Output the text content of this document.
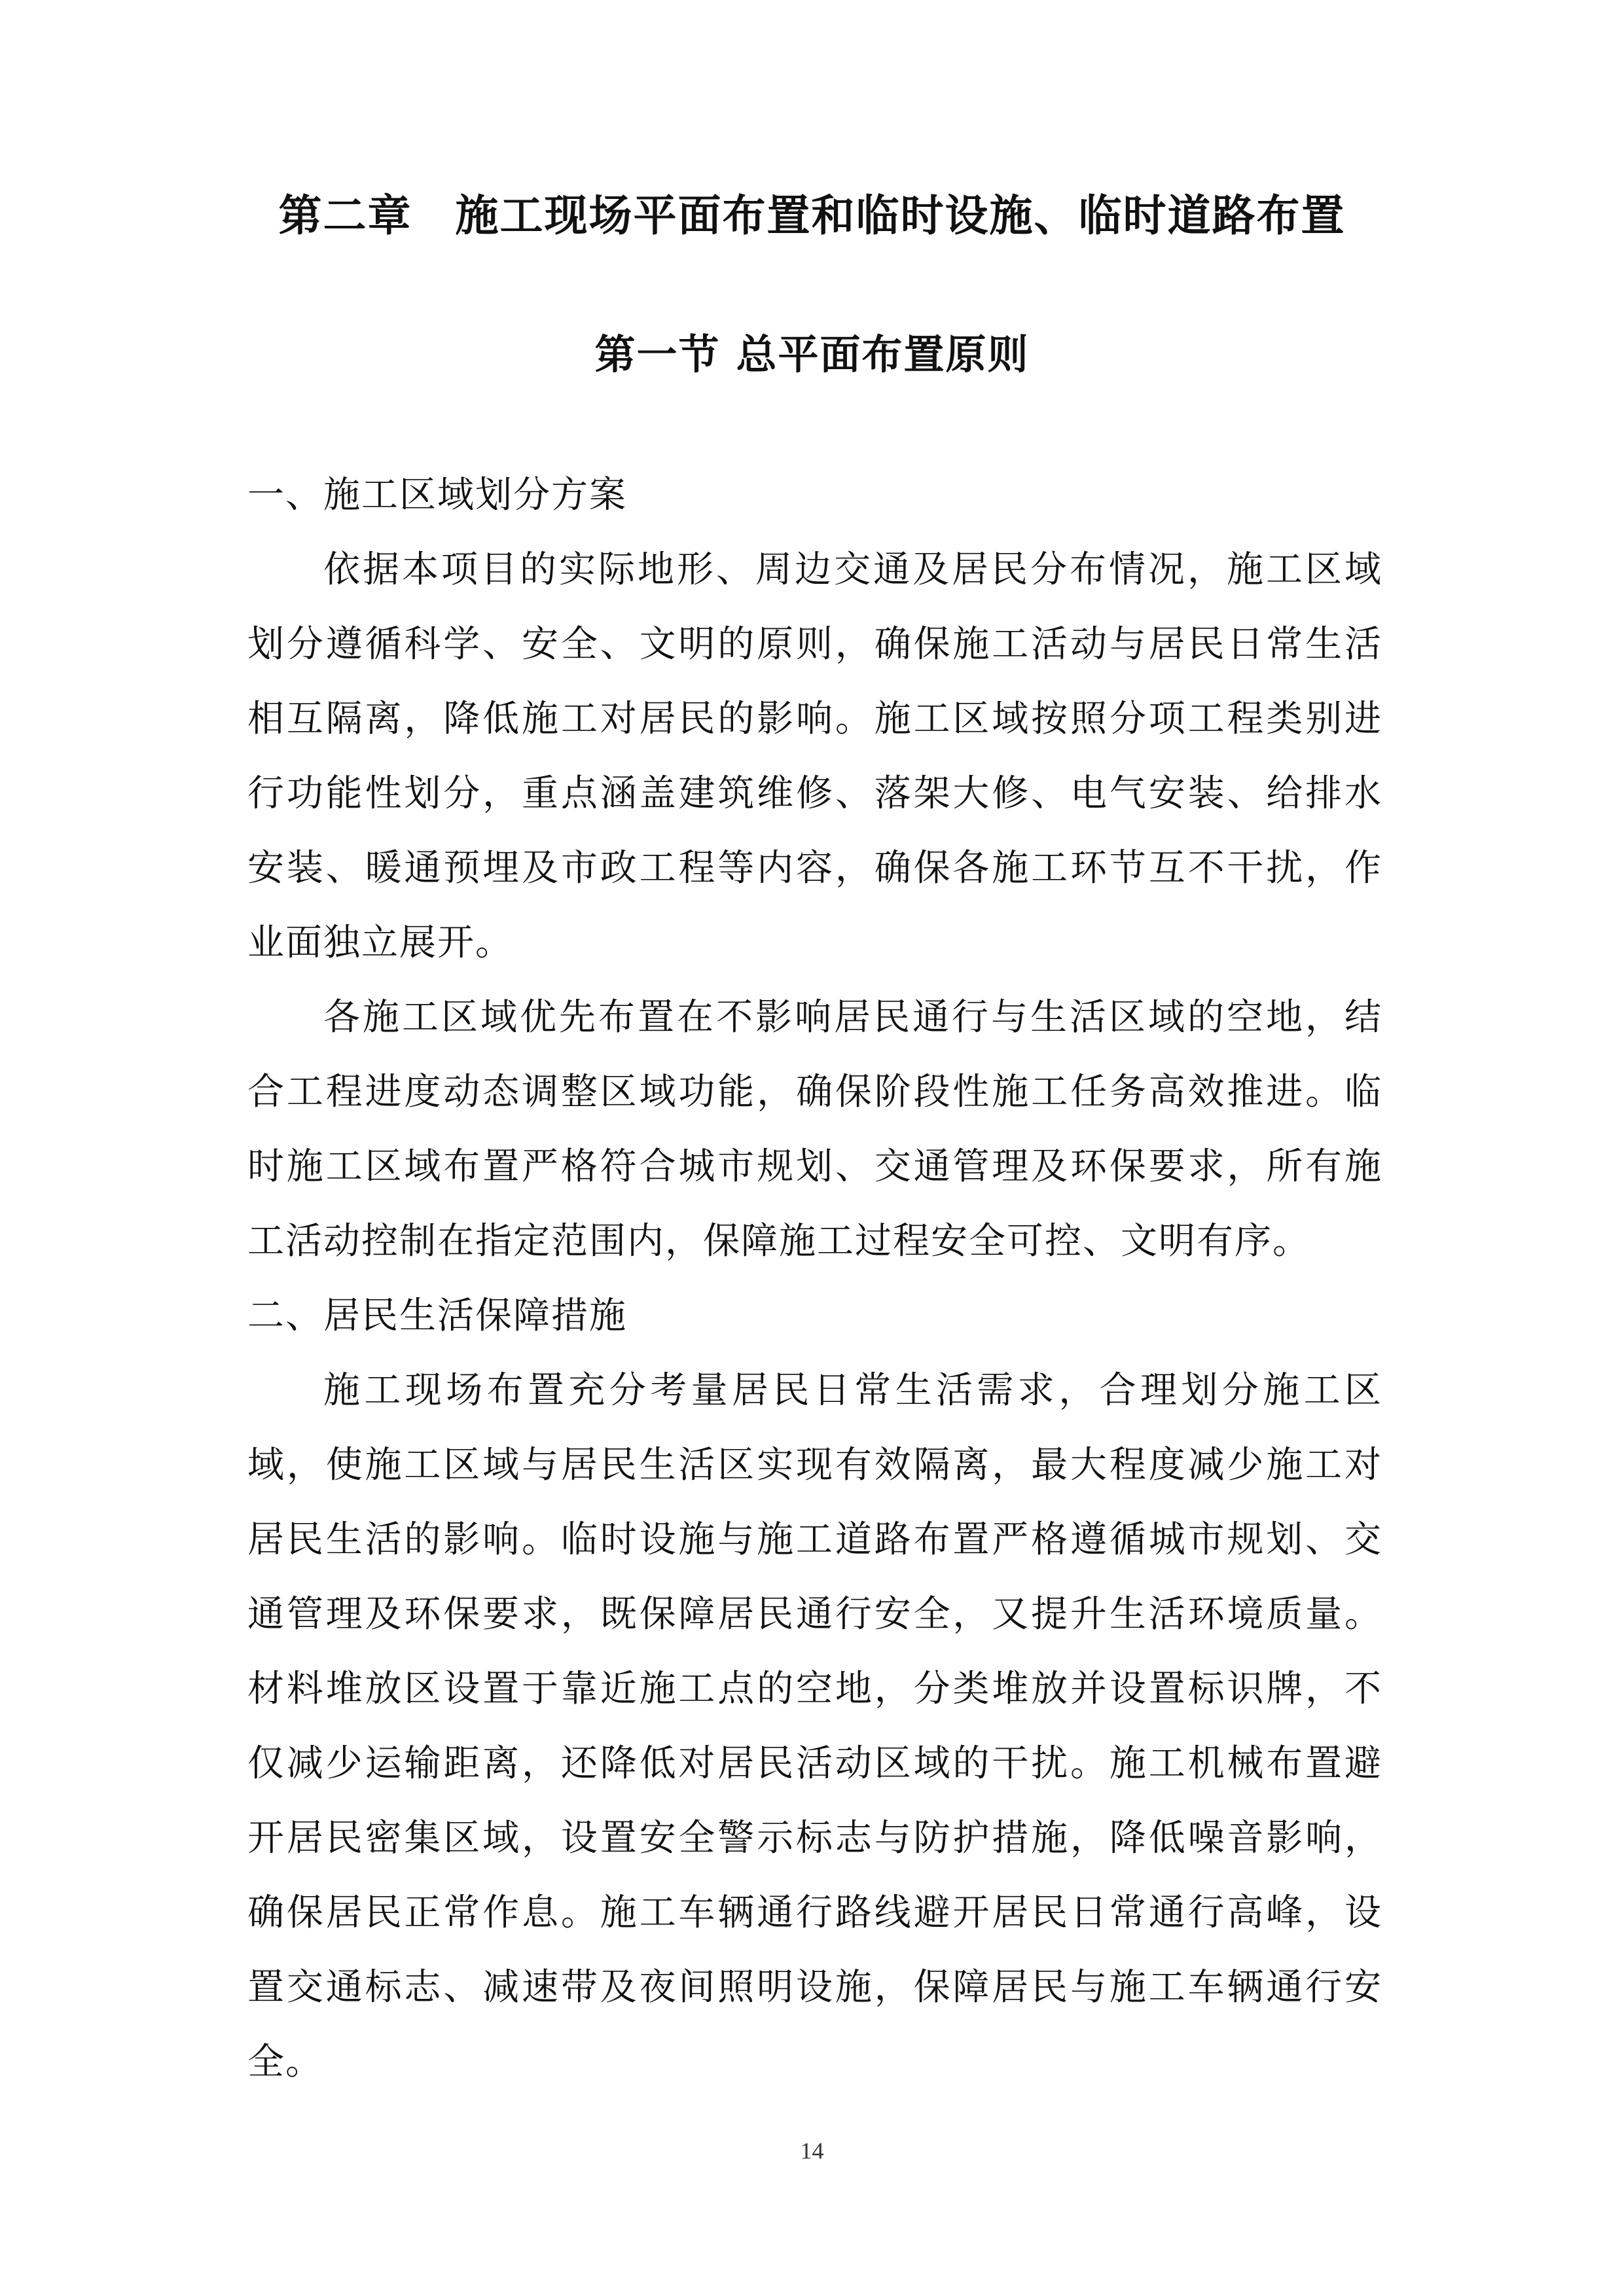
第二章 施工现场平面布置和临时设施、临时道路布置
第一节 总平面布置原则

一、施工区域划分方案

依据本项目的实际地形、周边交通及居民分布情况，施工区域划分遵循科学、安全、文明的原则，确保施工活动与居民日常生活相互隔离，降低施工对居民的影响。施工区域按照分项工程类别进行功能性划分，重点涵盖建筑维修、落架大修、电气安装、给排水安装、暖通预埋及市政工程等内容，确保各施工环节互不干扰，作业面独立展开。

各施工区域优先布置在不影响居民通行与生活区域的空地，结合工程进度动态调整区域功能，确保阶段性施工任务高效推进。临时施工区域布置严格符合城市规划、交通管理及环保要求，所有施工活动控制在指定范围内，保障施工过程安全可控、文明有序。

二、居民生活保障措施

施工现场布置充分考量居民日常生活需求，合理划分施工区域，使施工区域与居民生活区实现有效隔离，最大程度减少施工对居民生活的影响。临时设施与施工道路布置严格遵循城市规划、交通管理及环保要求，既保障居民通行安全，又提升生活环境质量。材料堆放区设置于靠近施工点的空地，分类堆放并设置标识牌，不仅减少运输距离，还降低对居民活动区域的干扰。施工机械布置避开居民密集区域，设置安全警示标志与防护措施，降低噪音影响，确保居民正常作息。施工车辆通行路线避开居民日常通行高峰，设置交通标志、减速带及夜间照明设施，保障居民与施工车辆通行安全。

14
